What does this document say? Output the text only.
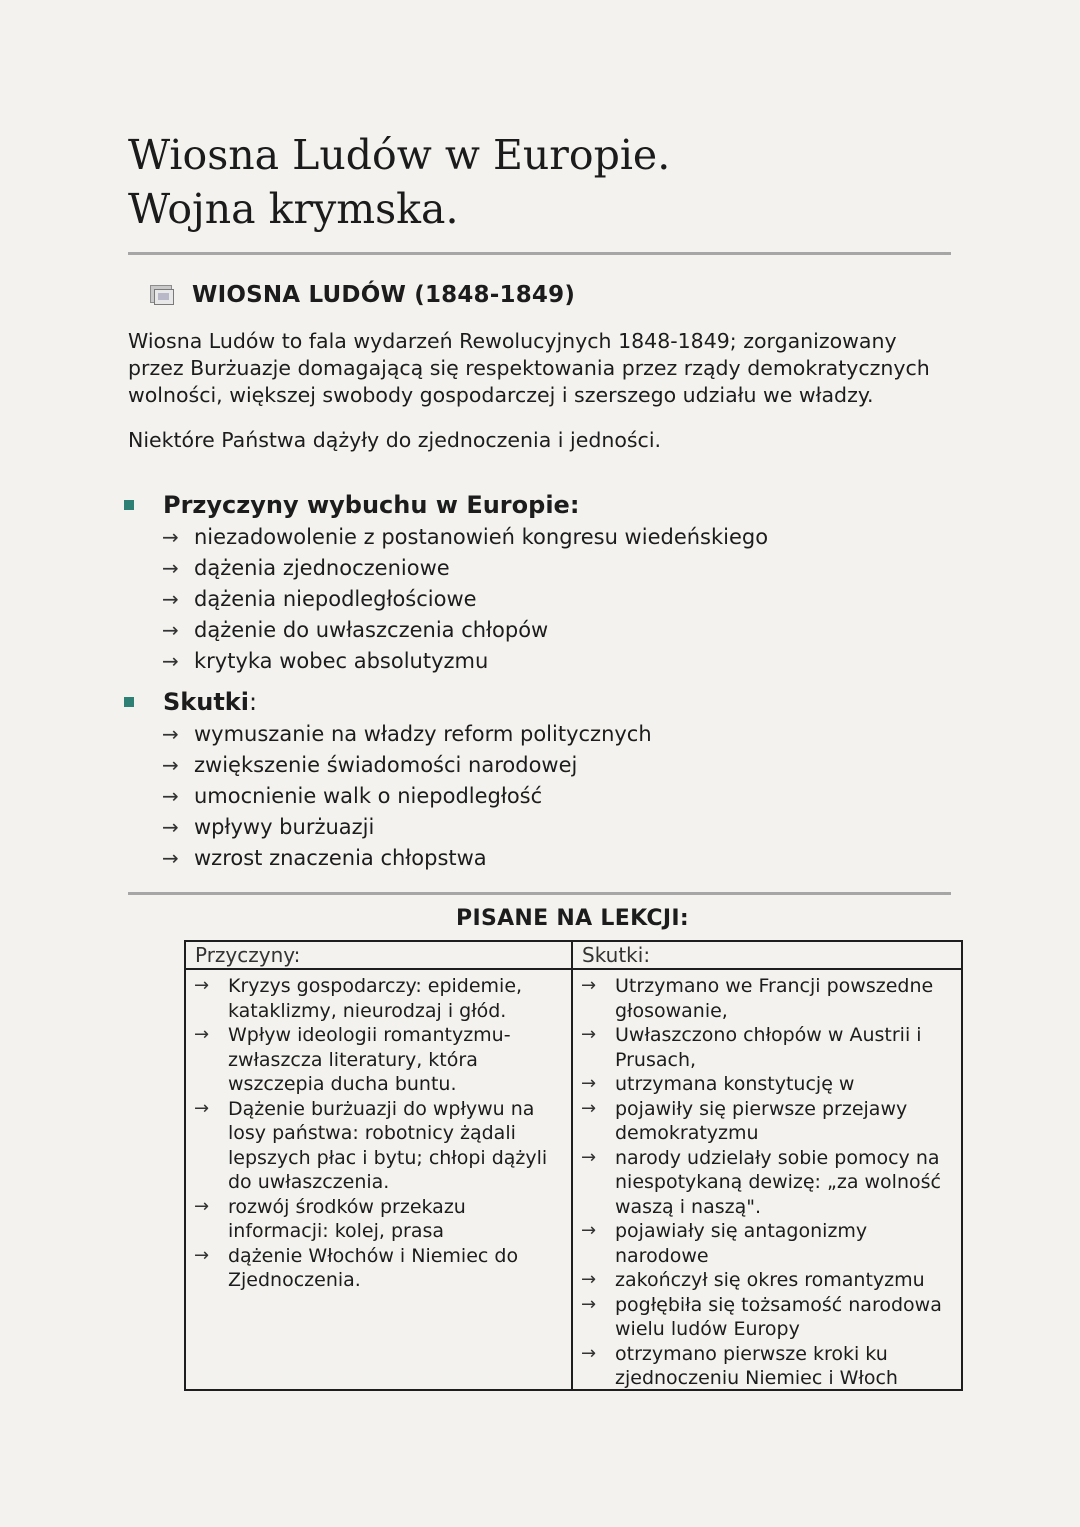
Wiosna Ludów w Europie.
Wojna krymska.
WIOSNA LUDÓW (1848-1849)

Wiosna Ludów to fala wydarzeń Rewolucyjnych 1848-1849; zorganizowany przez Burżuazje domagającą się respektowania przez rządy demokratycznych wolności, większej swobody gospodarczej i szerszego udziału we władzy.

Niektóre Państwa dążyły do zjednoczenia i jedności.

Przyczyny wybuchu w Europie:
→ niezadowolenie z postanowień kongresu wiedeńskiego
→ dążenia zjednoczeniowe
→ dążenia niepodległościowe
→ dążenie do uwłaszczenia chłopów
→ krytyka wobec absolutyzmu
Skutki :
→ wymuszanie na władzy reform politycznych
→ zwiększenie świadomości narodowej
→ umocnienie walk o niepodległość
→ wpływy burżuazji
→ wzrost znaczenia chłopstwa
PISANE NA LEKCJI:
Przyczyny:
→ Kryzys gospodarczy: epidemie, kataklizmy, nieurodzaj i głód.
→ Wpływ ideologii romantyzmu- zwłaszcza literatury, która wszczepia ducha buntu.
→ Dążenie burżuazji do wpływu na losy państwa: robotnicy żądali lepszych płac i bytu; chłopi dążyli do uwłaszczenia.
→ rozwój środków przekazu informacji: kolej, prasa
→ dążenie Włochów i Niemiec do Zjednoczenia.
Skutki:
→ Utrzymano we Francji powszedne głosowanie,
→ Uwłaszczono chłopów w Austrii i Prusach,
→ utrzymana konstytucję w
→ pojawiły się pierwsze przejawy demokratyzmu
→ narody udzielały sobie pomocy na niespotykaną dewizę: „za wolność waszą i naszą".
→ pojawiały się antagonizmy narodowe
→ zakończył się okres romantyzmu
→ pogłębiła się tożsamość narodowa wielu ludów Europy
→ otrzymano pierwsze kroki ku zjednoczeniu Niemiec i Włoch
